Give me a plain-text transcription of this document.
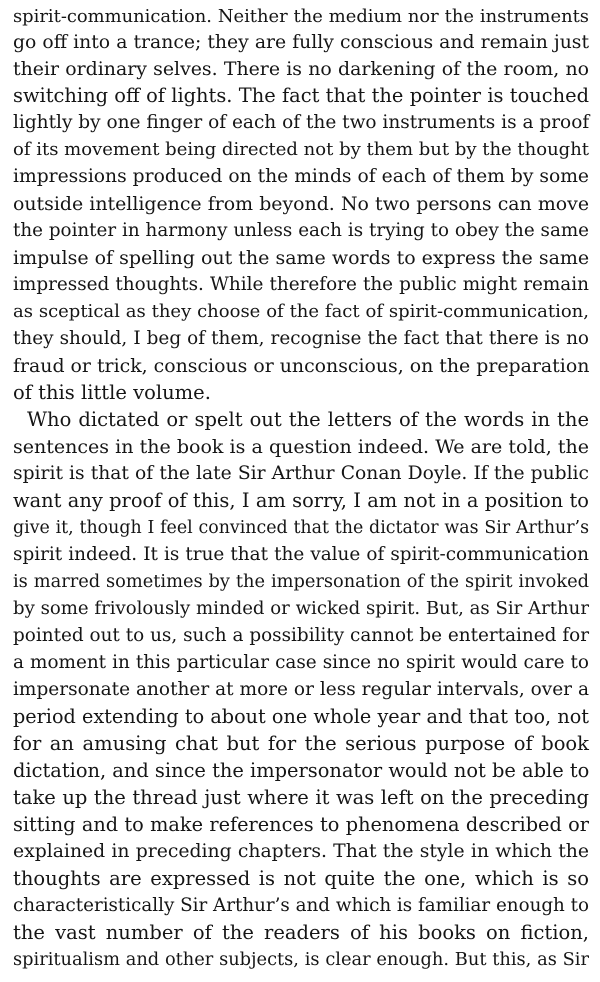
spirit-communication. Neither the medium nor the instruments
go off into a trance; they are fully conscious and remain just
their ordinary selves. There is no darkening of the room, no
switching off of lights. The fact that the pointer is touched
lightly by one finger of each of the two instruments is a proof
of its movement being directed not by them but by the thought
impressions produced on the minds of each of them by some
outside intelligence from beyond. No two persons can move
the pointer in harmony unless each is trying to obey the same
impulse of spelling out the same words to express the same
impressed thoughts. While therefore the public might remain
as sceptical as they choose of the fact of spirit-communication,
they should, I beg of them, recognise the fact that there is no
fraud or trick, conscious or unconscious, on the preparation
of this little volume.
Who dictated or spelt out the letters of the words in the
sentences in the book is a question indeed. We are told, the
spirit is that of the late Sir Arthur Conan Doyle. If the public
want any proof of this, I am sorry, I am not in a position to
give it, though I feel convinced that the dictator was Sir Arthur’s
spirit indeed. It is true that the value of spirit-communication
is marred sometimes by the impersonation of the spirit invoked
by some frivolously minded or wicked spirit. But, as Sir Arthur
pointed out to us, such a possibility cannot be entertained for
a moment in this particular case since no spirit would care to
impersonate another at more or less regular intervals, over a
period extending to about one whole year and that too, not
for an amusing chat but for the serious purpose of book
dictation, and since the impersonator would not be able to
take up the thread just where it was left on the preceding
sitting and to make references to phenomena described or
explained in preceding chapters. That the style in which the
thoughts are expressed is not quite the one, which is so
characteristically Sir Arthur’s and which is familiar enough to
the vast number of the readers of his books on fiction,
spiritualism and other subjects, is clear enough. But this, as Sir
